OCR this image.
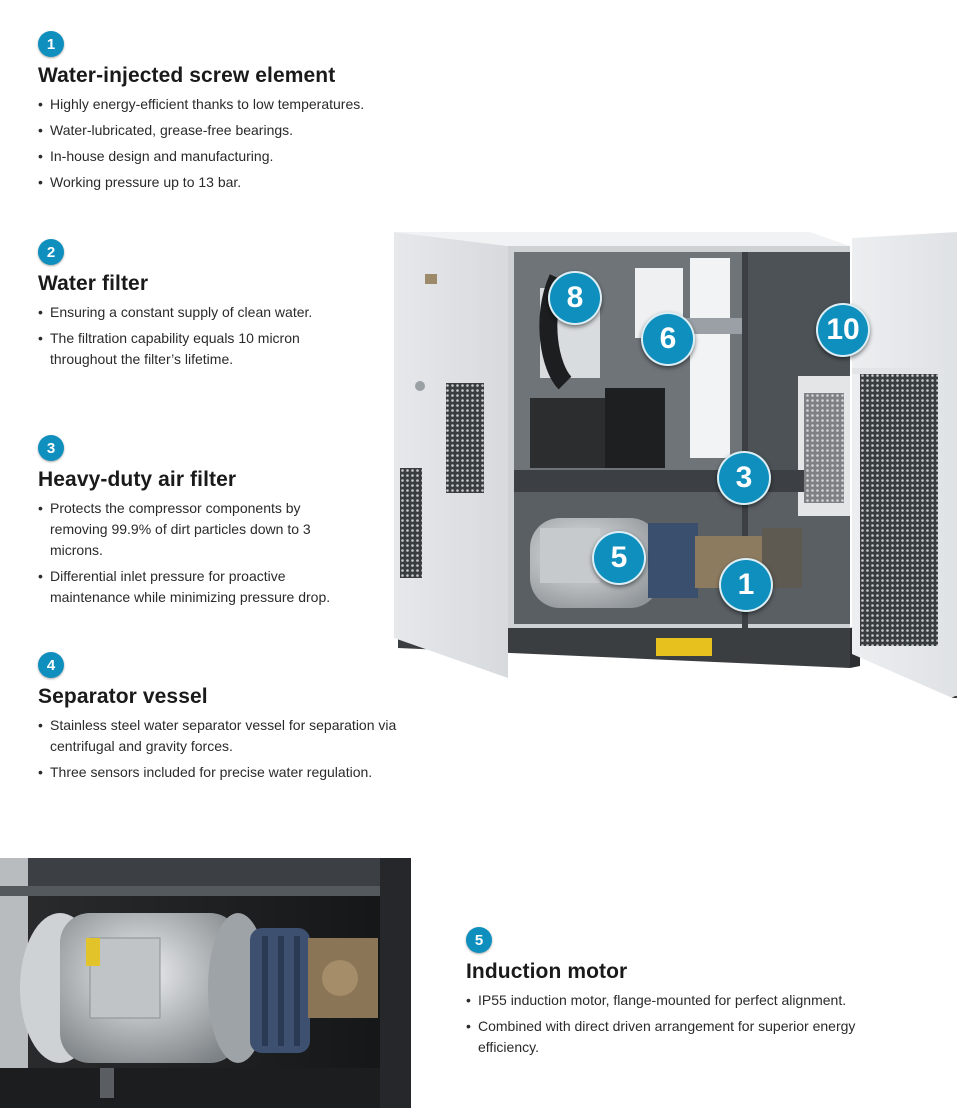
1
Water-injected screw element
• Highly energy-efficient thanks to low temperatures.
• Water-lubricated, grease-free bearings.
• In-house design and manufacturing.
• Working pressure up to 13 bar.
2
Water filter
• Ensuring a constant supply of clean water.
• The filtration capability equals 10 micron throughout the filter’s lifetime.
3
Heavy-duty air filter
• Protects the compressor components by removing 99.9% of dirt particles down to 3 microns.
• Differential inlet pressure for proactive maintenance while minimizing pressure drop.
4
Separator vessel
• Stainless steel water separator vessel for separation via centrifugal and gravity forces.
• Three sensors included for precise water regulation.
5
Induction motor
• IP55 induction motor, flange-mounted for perfect alignment.
• Combined with direct driven arrangement for superior energy efficiency.
8
6	10
3
5
1
